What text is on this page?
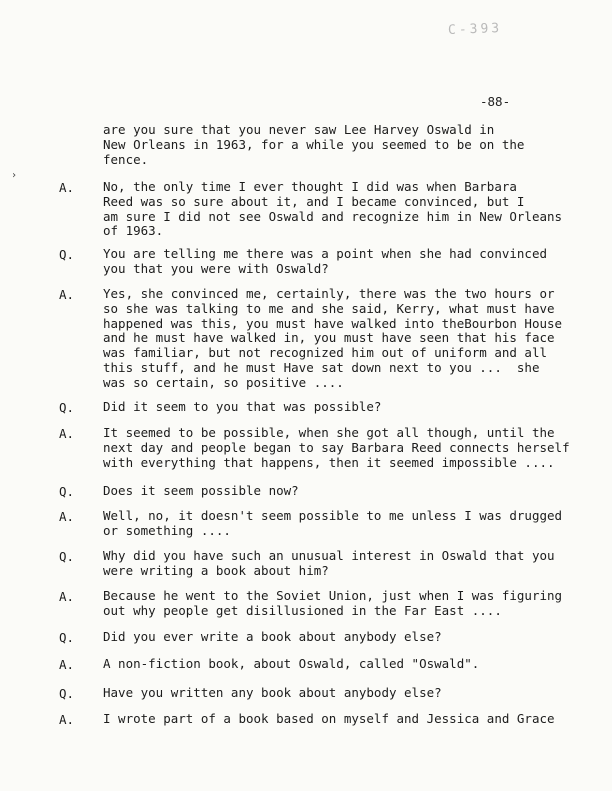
C-393
-88-
›
are you sure that you never saw Lee Harvey Oswald in
New Orleans in 1963, for a while you seemed to be on the
fence.
A. No, the only time I ever thought I did was when Barbara
Reed was so sure about it, and I became convinced, but I
am sure I did not see Oswald and recognize him in New Orleans
of 1963.
Q. You are telling me there was a point when she had convinced
you that you were with Oswald?
A. Yes, she convinced me, certainly, there was the two hours or
so she was talking to me and she said, Kerry, what must have
happened was this, you must have walked into theBourbon House
and he must have walked in, you must have seen that his face
was familiar, but not recognized him out of uniform and all
this stuff, and he must Have sat down next to you ...  she
was so certain, so positive ....
Q. Did it seem to you that was possible?
A. It seemed to be possible, when she got all though, until the
next day and people began to say Barbara Reed connects herself
with everything that happens, then it seemed impossible ....
Q. Does it seem possible now?
A. Well, no, it doesn't seem possible to me unless I was drugged
or something ....
Q. Why did you have such an unusual interest in Oswald that you
were writing a book about him?
A. Because he went to the Soviet Union, just when I was figuring
out why people get disillusioned in the Far East ....
Q. Did you ever write a book about anybody else?
A. A non-fiction book, about Oswald, called "Oswald".
Q. Have you written any book about anybody else?
A. I wrote part of a book based on myself and Jessica and Grace
